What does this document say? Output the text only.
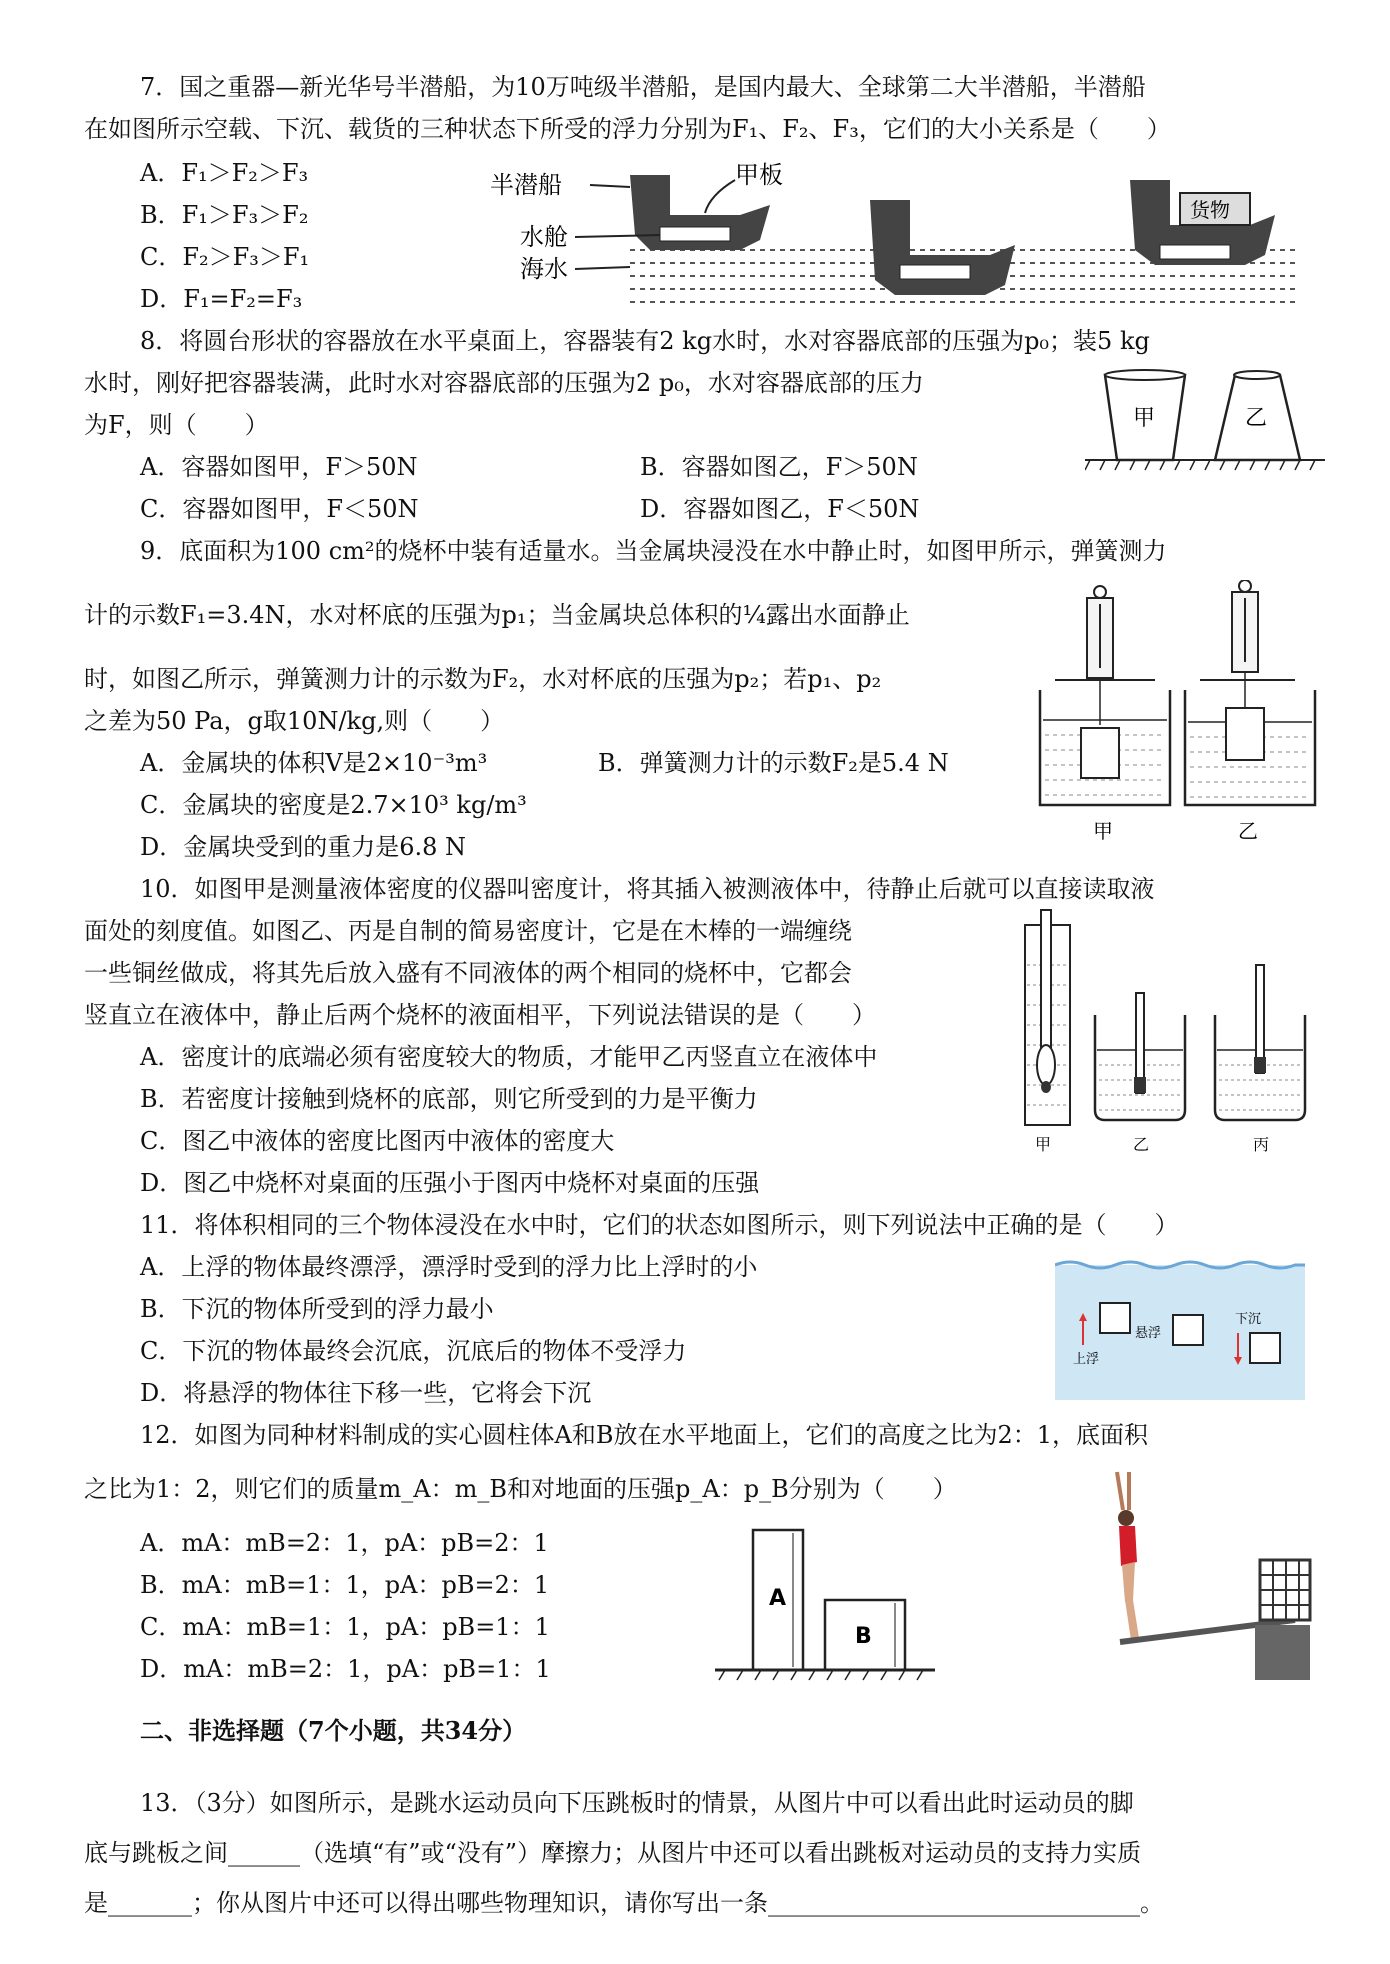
7．国之重器—新光华号半潜船，为10万吨级半潜船，是国内最大、全球第二大半潜船，半潜船
在如图所示空载、下沉、载货的三种状态下所受的浮力分别为F₁、F₂、F₃，它们的大小关系是（　　）
A．F₁＞F₂＞F₃
B．F₁＞F₃＞F₂
C．F₂＞F₃＞F₁
D．F₁=F₂=F₃
货物
半潜船	甲板
水舱
海水
8．将圆台形状的容器放在水平桌面上，容器装有2 kg水时，水对容器底部的压强为p₀；装5 kg
水时，刚好把容器装满，此时水对容器底部的压强为2 p₀，水对容器底部的压力
为F，则（　　）
A．容器如图甲，F＞50N	B．容器如图乙，F＞50N
C．容器如图甲，F＜50N	D．容器如图乙，F＜50N
甲	乙
9．底面积为100 cm²的烧杯中装有适量水。当金属块浸没在水中静止时，如图甲所示，弹簧测力
计的示数F₁=3.4N，水对杯底的压强为p₁；当金属块总体积的¼露出水面静止
时，如图乙所示，弹簧测力计的示数为F₂，水对杯底的压强为p₂；若p₁、p₂
之差为50 Pa，g取10N/kg,则（　　）
A．金属块的体积V是2×10⁻³m³	B．弹簧测力计的示数F₂是5.4 N
C．金属块的密度是2.7×10³ kg/m³
D．金属块受到的重力是6.8 N
甲	乙
10．如图甲是测量液体密度的仪器叫密度计，将其插入被测液体中，待静止后就可以直接读取液
面处的刻度值。如图乙、丙是自制的简易密度计，它是在木棒的一端缠绕
一些铜丝做成，将其先后放入盛有不同液体的两个相同的烧杯中，它都会
竖直立在液体中，静止后两个烧杯的液面相平，下列说法错误的是（　　）
A．密度计的底端必须有密度较大的物质，才能甲乙丙竖直立在液体中
B．若密度计接触到烧杯的底部，则它所受到的力是平衡力
C．图乙中液体的密度比图丙中液体的密度大
D．图乙中烧杯对桌面的压强小于图丙中烧杯对桌面的压强
甲	乙	丙
11．将体积相同的三个物体浸没在水中时，它们的状态如图所示，则下列说法中正确的是（　　）
A．上浮的物体最终漂浮，漂浮时受到的浮力比上浮时的小
B．下沉的物体所受到的浮力最小
C．下沉的物体最终会沉底，沉底后的物体不受浮力
D．将悬浮的物体往下移一些，它将会下沉
上浮
悬浮
下沉
12．如图为同种材料制成的实心圆柱体A和B放在水平地面上，它们的高度之比为2：1，底面积
之比为1：2，则它们的质量m_A：m_B和对地面的压强p_A：p_B分别为（　　）
A．mA：mB=2：1，pA：pB=2：1
B．mA：mB=1：1，pA：pB=2：1
C．mA：mB=1：1，pA：pB=1：1
D．mA：mB=2：1，pA：pB=1：1
A
B
二、非选择题（7个小题，共34分）
13．（3分）如图所示，是跳水运动员向下压跳板时的情景，从图片中可以看出此时运动员的脚
底与跳板之间______（选填“有”或“没有”）摩擦力；从图片中还可以看出跳板对运动员的支持力实质
是_______；你从图片中还可以得出哪些物理知识，请你写出一条_______________________________。
